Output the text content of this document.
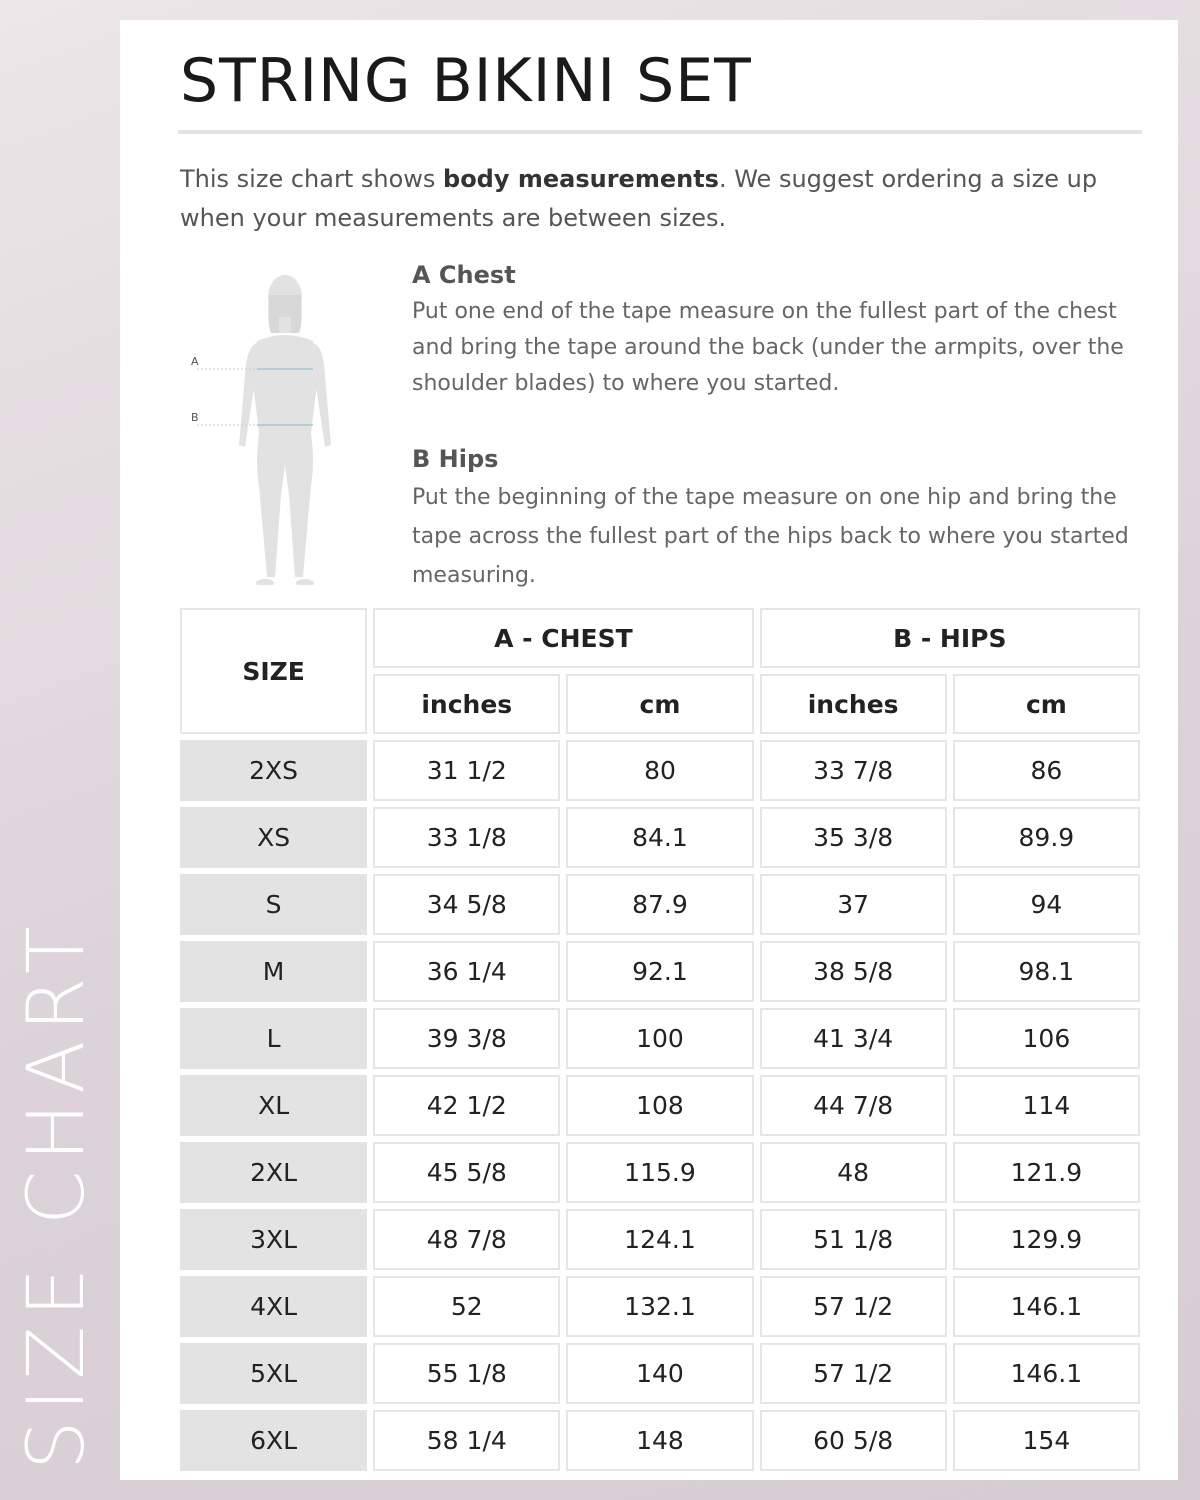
SIZE CHART
STRING BIKINI SET

This size chart shows body measurements. We suggest ordering a size up when your measurements are between sizes.

A
B

A Chest

Put one end of the tape measure on the fullest part of the chest and bring the tape around the back (under the armpits, over the shoulder blades) to where you started.

B Hips

Put the beginning of the tape measure on one hip and bring the tape across the fullest part of the hips back to where you started measuring.

SIZE	A - CHEST		B - HIPS	
	inches	cm	inches	cm
2XS	31 1/2	80	33 7/8	86
XS	33 1/8	84.1	35 3/8	89.9
S	34 5/8	87.9	37	94
M	36 1/4	92.1	38 5/8	98.1
L	39 3/8	100	41 3/4	106
XL	42 1/2	108	44 7/8	114
2XL	45 5/8	115.9	48	121.9
3XL	48 7/8	124.1	51 1/8	129.9
4XL	52	132.1	57 1/2	146.1
5XL	55 1/8	140	57 1/2	146.1
6XL	58 1/4	148	60 5/8	154
